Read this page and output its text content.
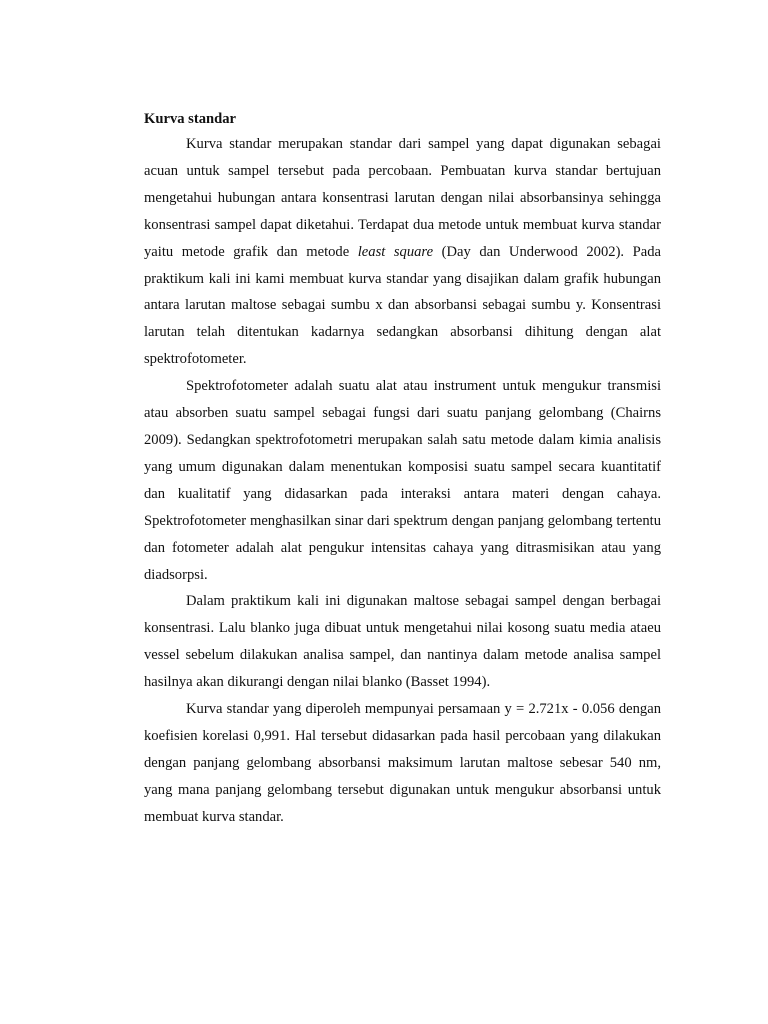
Kurva standar

Kurva standar merupakan standar dari sampel yang dapat digunakan sebagai acuan untuk sampel tersebut pada percobaan. Pembuatan kurva standar bertujuan mengetahui hubungan antara konsentrasi larutan dengan nilai absorbansinya sehingga konsentrasi sampel dapat diketahui. Terdapat dua metode untuk membuat kurva standar yaitu metode grafik dan metode least square (Day dan Underwood 2002). Pada praktikum kali ini kami membuat kurva standar yang disajikan dalam grafik hubungan antara larutan maltose sebagai sumbu x dan absorbansi sebagai sumbu y. Konsentrasi larutan telah ditentukan kadarnya sedangkan absorbansi dihitung dengan alat spektrofotometer.

Spektrofotometer adalah suatu alat atau instrument untuk mengukur transmisi atau absorben suatu sampel sebagai fungsi dari suatu panjang gelombang (Chairns 2009). Sedangkan spektrofotometri merupakan salah satu metode dalam kimia analisis yang umum digunakan dalam menentukan komposisi suatu sampel secara kuantitatif dan kualitatif yang didasarkan pada interaksi antara materi dengan cahaya. Spektrofotometer menghasilkan sinar dari spektrum dengan panjang gelombang tertentu dan fotometer adalah alat pengukur intensitas cahaya yang ditrasmisikan atau yang diadsorpsi.

Dalam praktikum kali ini digunakan maltose sebagai sampel dengan berbagai konsentrasi. Lalu blanko juga dibuat untuk mengetahui nilai kosong suatu media ataeu vessel sebelum dilakukan analisa sampel, dan nantinya dalam metode analisa sampel hasilnya akan dikurangi dengan nilai blanko (Basset 1994).

Kurva standar yang diperoleh mempunyai persamaan y = 2.721x - 0.056 dengan koefisien korelasi 0,991. Hal tersebut didasarkan pada hasil percobaan yang dilakukan dengan panjang gelombang absorbansi maksimum larutan maltose sebesar 540 nm, yang mana panjang gelombang tersebut digunakan untuk mengukur absorbansi untuk membuat kurva standar.
